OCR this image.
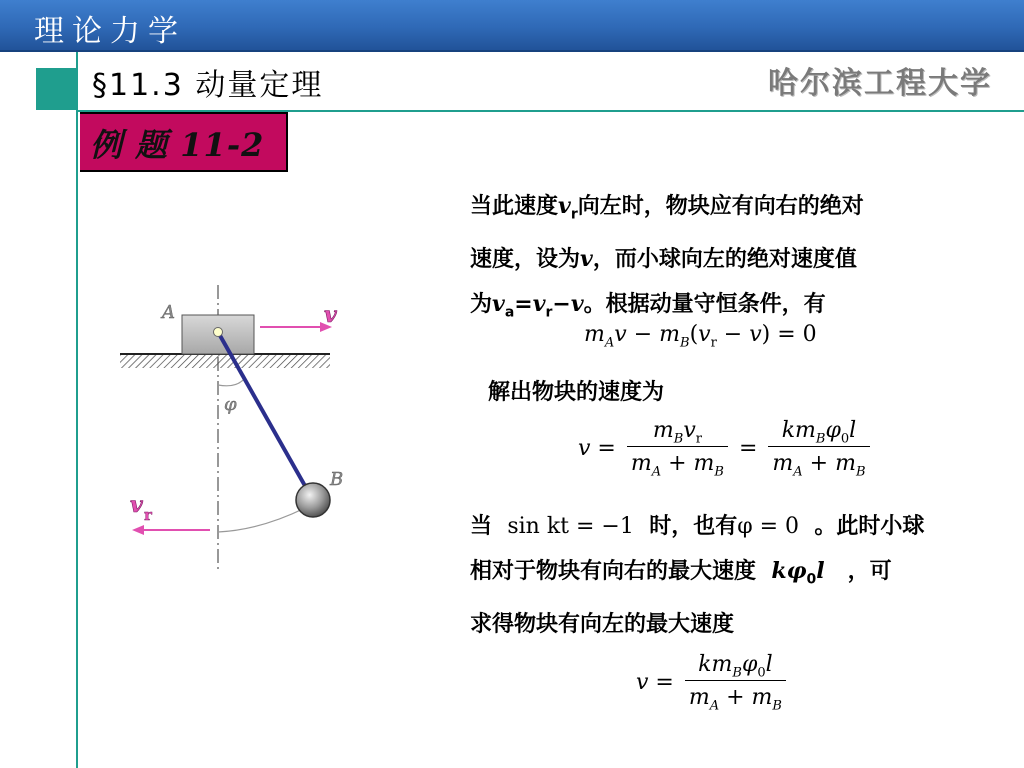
理论力学
§11.3 动量定理	哈尔滨工程大学
例 题 11-2
A
B
v
v r
φ
当此速度$v_r$向左时，物块应有向右的绝对
速度，设为v，而小球向左的绝对速度值
为$v_a=v_r-v$。根据动量守恒条件，有
$m_Av - m_B(v_r - v) = 0$
解出物块的速度为
$v = \frac{m_Bv_r}{m_A + m_B} = \frac{km_B\varphi_0l}{m_A + m_B}$
当 sin kt = −1 时，也有φ = 0 。此时小球
相对于物块有向右的最大速度 $k\varphi_0l$ ，可
求得物块有向左的最大速度
$v = \frac{km_B\varphi_0l}{m_A + m_B}$
